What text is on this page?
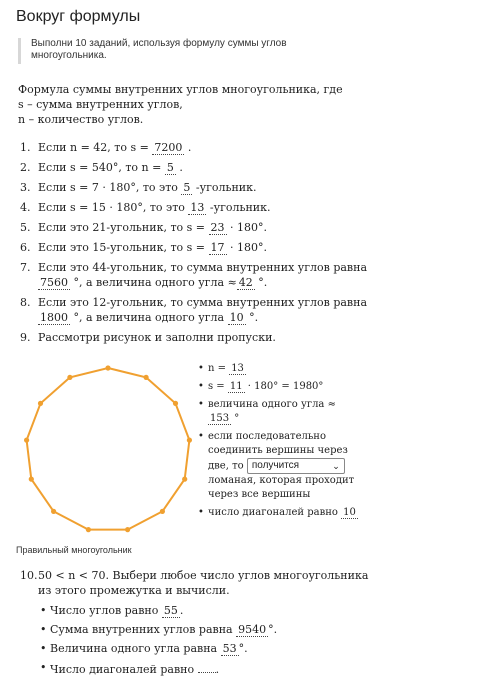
Вокруг формулы
Выполни 10 заданий, используя формулу суммы углов
многоугольника.
Формула суммы внутренних углов многоугольника, где
s – сумма внутренних углов,
n – количество углов.
1. Если n = 42, то s = 7200 .
2. Если s = 540°, то n = 5 .
3. Если s = 7 · 180°, то это 5 -угольник.
4. Если s = 15 · 180°, то это 13 -угольник.
5. Если это 21-угольник, то s = 23 · 180°.
6. Если это 15-угольник, то s = 17 · 180°.
7. Если это 44-угольник, то сумма внутренних углов равна
7560 °, а величина одного угла ≈ 42 °.
8. Если это 12-угольник, то сумма внутренних углов равна
1800 °, а величина одного угла 10 °.
9. Рассмотри рисунок и заполни пропуски.
Правильный многоугольник
• n = 13
• s = 11 · 180° = 1980°
• величина одного угла ≈
153 °
• если последовательно
соединить вершины через
две, то получится	⌄
ломаная, которая проходит
через все вершины
• число диагоналей равно 10
10. 50 < n < 70. Выбери любое число углов многоугольника
из этого промежутка и вычисли.
• Число углов равно 55 .
• Сумма внутренних углов равна 9540 °.
• Величина одного угла равна 53 °.
• Число диагоналей равно .
